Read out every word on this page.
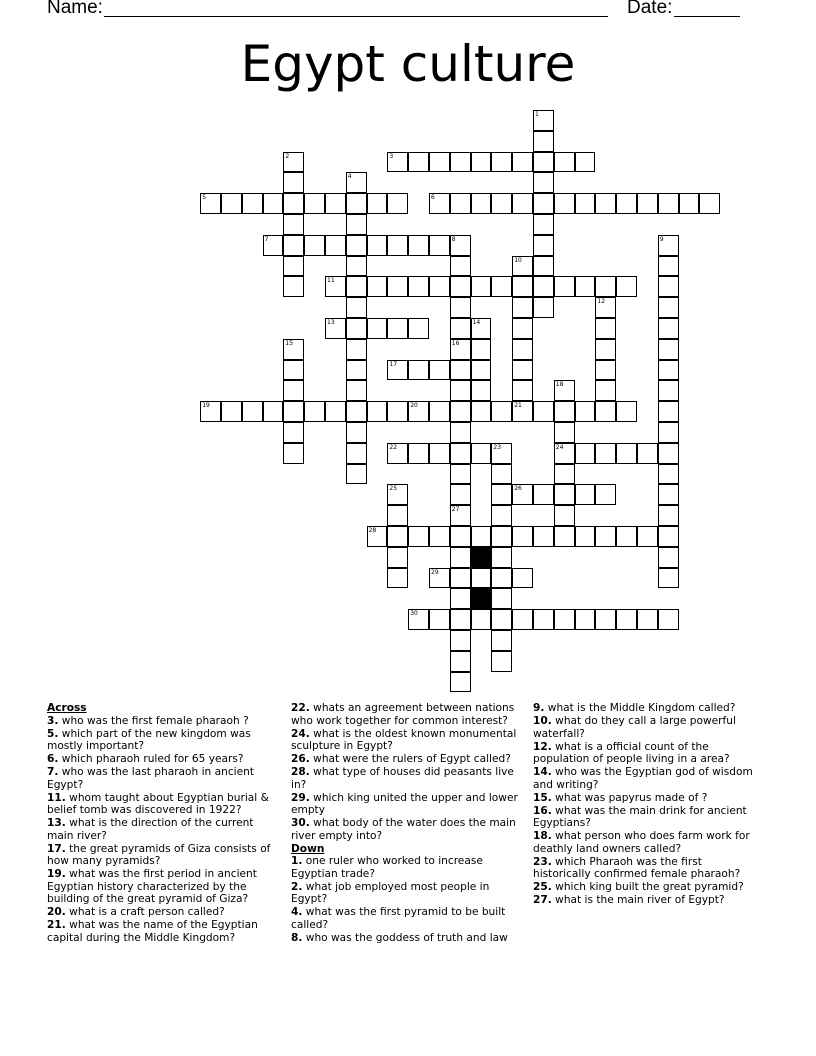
Name:	Date:
Egypt culture
1
2	3
4
5	6
7	8
16
9
10
11
12
13	14
15
17
18
24
19	20	21
22	23
25	26
27
28
29
30
Across
3. who was the first female pharaoh ?
5. which part of the new kingdom was mostly important?
6. which pharaoh ruled for 65 years?
7. who was the last pharaoh in ancient Egypt?
11. whom taught about Egyptian burial & belief tomb was discovered in 1922?
13. what is the direction of the current main river?
17. the great pyramids of Giza consists of how many pyramids?
19. what was the first period in ancient Egyptian history characterized by the building of the great pyramid of Giza?
20. what is a craft person called?
21. what was the name of the Egyptian capital during the Middle Kingdom?
22. whats an agreement between nations who work together for common interest?
24. what is the oldest known monumental sculpture in Egypt?
26. what were the rulers of Egypt called?
28. what type of houses did peasants live in?
29. which king united the upper and lower empty
30. what body of the water does the main river empty into?
Down
1. one ruler who worked to increase Egyptian trade?
2. what job employed most people in Egypt?
4. what was the first pyramid to be built called?
8. who was the goddess of truth and law
9. what is the Middle Kingdom called?
10. what do they call a large powerful waterfall?
12. what is a official count of the population of people living in a area?
14. who was the Egyptian god of wisdom and writing?
15. what was papyrus made of ?
16. what was the main drink for ancient Egyptians?
18. what person who does farm work for deathly land owners called?
23. which Pharaoh was the first historically confirmed female pharaoh?
25. which king built the great pyramid?
27. what is the main river of Egypt?
